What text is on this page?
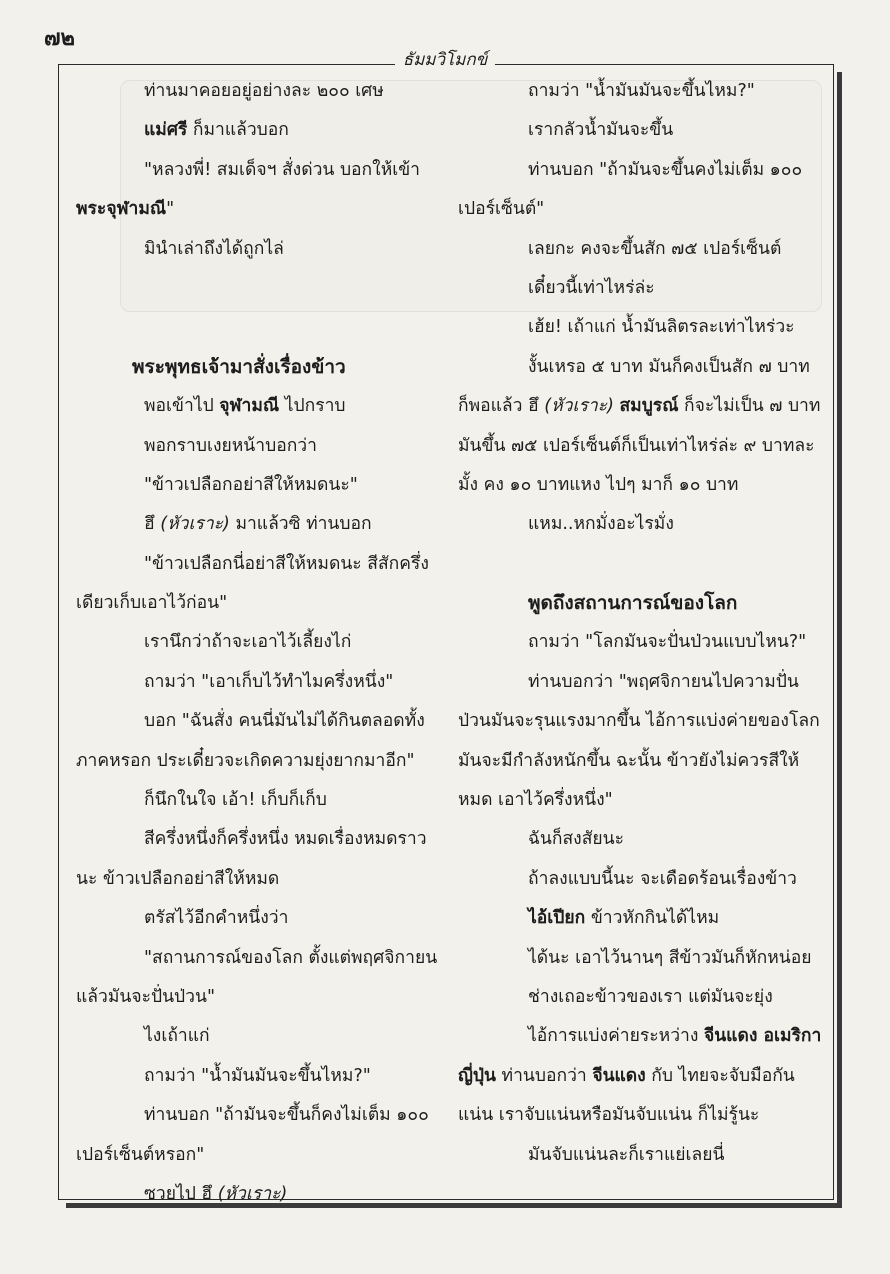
๗๒
ธัมมวิโมกข์
ท่านมาคอยอยู่อย่างละ ๒๐๐ เศษ
แม่ศรี ก็มาแล้วบอก
"หลวงพี่! สมเด็จฯ สั่งด่วน บอกให้เข้า
พระจุฬามณี"
มินำเล่าถึงได้ถูกไล่
พระพุทธเจ้ามาสั่งเรื่องข้าว
พอเข้าไป จุฬามณี ไปกราบ
พอกราบเงยหน้าบอกว่า
"ข้าวเปลือกอย่าสีให้หมดนะ"
ฮึ (หัวเราะ) มาแล้วซิ ท่านบอก
"ข้าวเปลือกนี่อย่าสีให้หมดนะ สีสักครึ่ง
เดียวเก็บเอาไว้ก่อน"
เรานึกว่าถ้าจะเอาไว้เลี้ยงไก่
ถามว่า "เอาเก็บไว้ทำไมครึ่งหนึ่ง"
บอก "ฉันสั่ง คนนี่มันไม่ได้กินตลอดทั้ง
ภาคหรอก ประเดี๋ยวจะเกิดความยุ่งยากมาอีก"
ก็นึกในใจ เอ้า! เก็บก็เก็บ
สีครึ่งหนึ่งก็ครึ่งหนึ่ง หมดเรื่องหมดราว
นะ ข้าวเปลือกอย่าสีให้หมด
ตรัสไว้อีกคำหนึ่งว่า
"สถานการณ์ของโลก ตั้งแต่พฤศจิกายน
แล้วมันจะปั่นป่วน"
ไงเถ้าแก่
ถามว่า "น้ำมันมันจะขึ้นไหม?"
ท่านบอก "ถ้ามันจะขึ้นก็คงไม่เต็ม ๑๐๐
เปอร์เซ็นต์หรอก"
ซวยไป ฮึ (หัวเราะ)
ถามว่า "น้ำมันมันจะขึ้นไหม?"
เรากลัวน้ำมันจะขึ้น
ท่านบอก "ถ้ามันจะขึ้นคงไม่เต็ม ๑๐๐
เปอร์เซ็นต์"
เลยกะ คงจะขึ้นสัก ๗๕ เปอร์เซ็นต์
เดี๋ยวนี้เท่าไหร่ล่ะ
เฮ้ย! เถ้าแก่ น้ำมันลิตรละเท่าไหร่วะ
งั้นเหรอ ๕ บาท มันก็คงเป็นสัก ๗ บาท
ก็พอแล้ว ฮึ (หัวเราะ) สมบูรณ์ ก็จะไม่เป็น ๗ บาท
มันขึ้น ๗๕ เปอร์เซ็นต์ก็เป็นเท่าไหร่ล่ะ ๙ บาทละ
มั้ง คง ๑๐ บาทแหง ไปๆ มาก็ ๑๐ บาท
แหม..หกมั่งอะไรมั่ง
พูดถึงสถานการณ์ของโลก
ถามว่า "โลกมันจะปั่นป่วนแบบไหน?"
ท่านบอกว่า "พฤศจิกายนไปความปั่น
ป่วนมันจะรุนแรงมากขึ้น ไอ้การแบ่งค่ายของโลก
มันจะมีกำลังหนักขึ้น ฉะนั้น ข้าวยังไม่ควรสีให้
หมด เอาไว้ครึ่งหนึ่ง"
ฉันก็สงสัยนะ
ถ้าลงแบบนี้นะ จะเดือดร้อนเรื่องข้าว
ไอ้เปียก ข้าวหักกินได้ไหม
ได้นะ เอาไว้นานๆ สีข้าวมันก็หักหน่อย
ช่างเถอะข้าวของเรา แต่มันจะยุ่ง
ไอ้การแบ่งค่ายระหว่าง จีนแดง อเมริกา
ญี่ปุ่น ท่านบอกว่า จีนแดง กับ ไทยจะจับมือกัน
แน่น เราจับแน่นหรือมันจับแน่น ก็ไม่รู้นะ
มันจับแน่นละก็เราแย่เลยนี่
